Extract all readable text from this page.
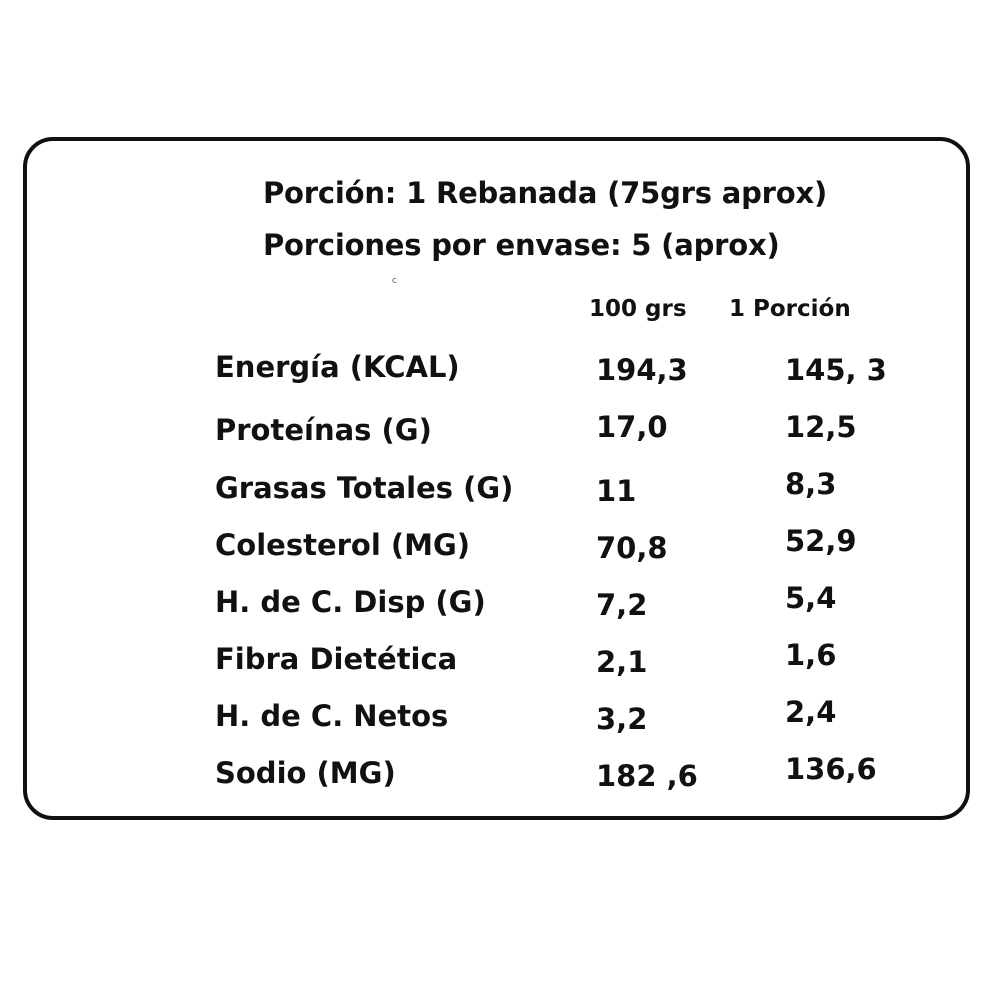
Porción: 1 Rebanada (75grs aprox)
Porciones por envase: 5 (aprox)
c
100 grs 1 Porción
Energía (KCAL)	194,3	145, 3
Proteínas (G)	17,0	12,5
Grasas Totales (G)	11	8,3
Colesterol (MG)	70,8	52,9
H. de C. Disp (G)	7,2	5,4
Fibra Dietética	2,1	1,6
H. de C. Netos	3,2	2,4
Sodio (MG)	182 ,6	136,6
